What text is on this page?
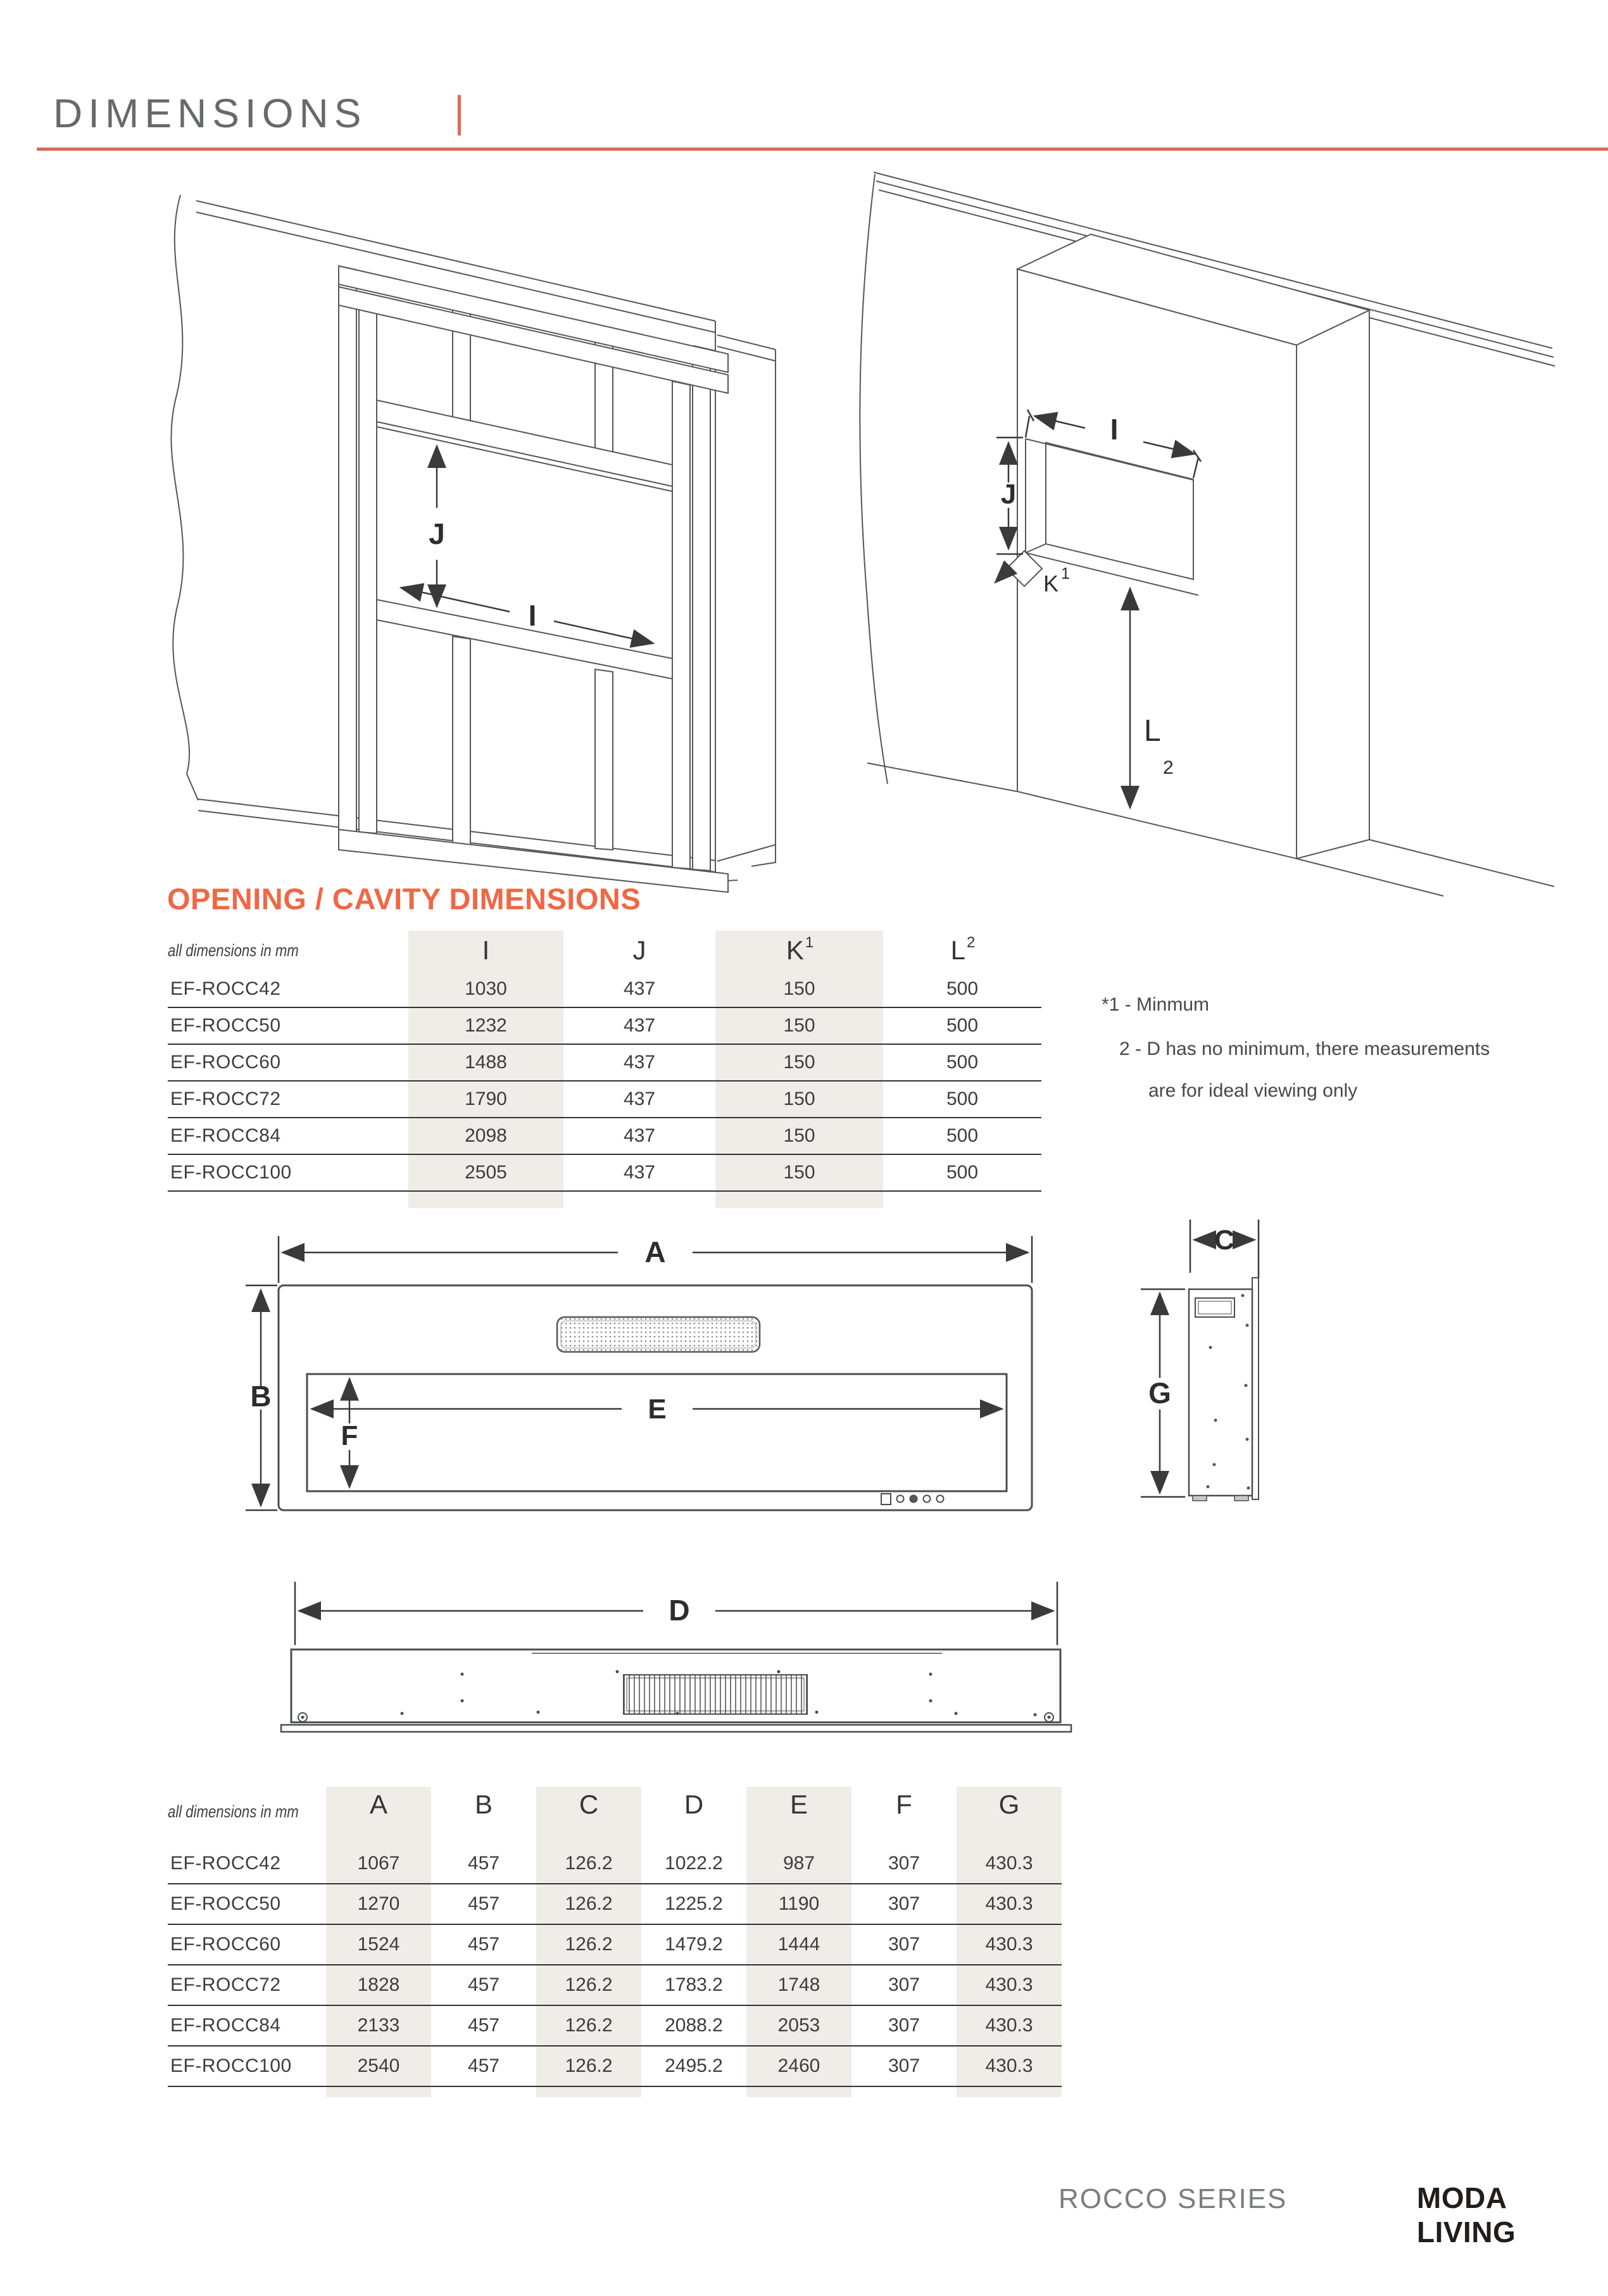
DIMENSIONS
J
I
J
I
K 1
L
2
OPENING / CAVITY DIMENSIONS
all dimensions in mm	I	J	$K^1$	$L^2$
EF-ROCC42	1030	437	150	500
EF-ROCC50	1232	437	150	500
EF-ROCC60	1488	437	150	500
EF-ROCC72	1790	437	150	500
EF-ROCC84	2098	437	150	500
EF-ROCC100	2505	437	150	500
*1 - Minmum
2 - D has no minimum, there measurements
are for ideal viewing only
A
B	E
F
C
G
D
all dimensions in mm	A	B	C	D	E	F	G
EF-ROCC42	1067	457	126.2	1022.2	987	307	430.3
EF-ROCC50	1270	457	126.2	1225.2	1190	307	430.3
EF-ROCC60	1524	457	126.2	1479.2	1444	307	430.3
EF-ROCC72	1828	457	126.2	1783.2	1748	307	430.3
EF-ROCC84	2133	457	126.2	2088.2	2053	307	430.3
EF-ROCC100	2540	457	126.2	2495.2	2460	307	430.3
ROCCO SERIES	MODA LIVING
